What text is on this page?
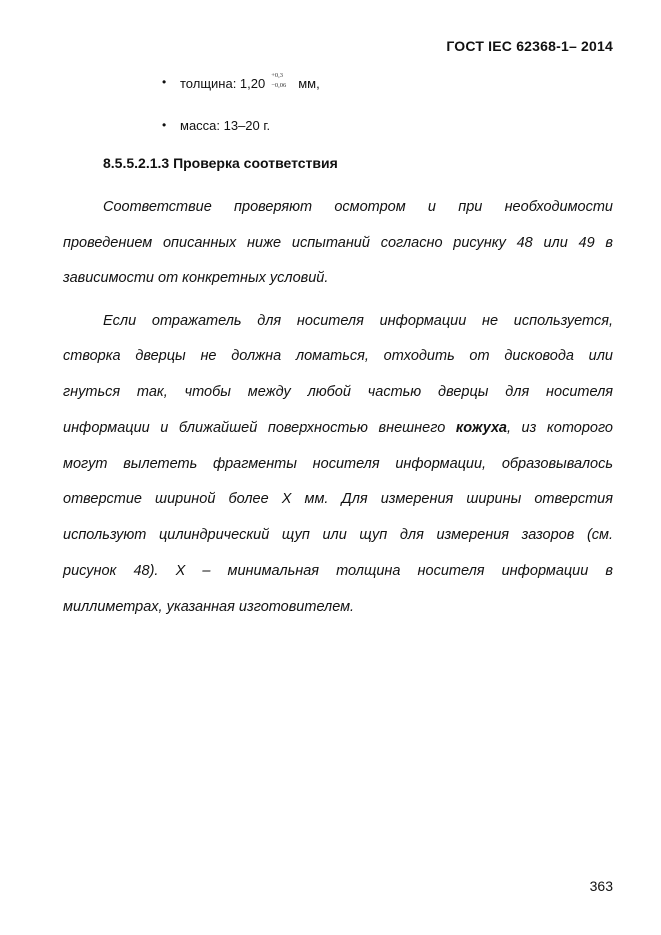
ГОСТ IEC 62368-1– 2014
• толщина: 1,20
+0,3
−0,06 мм,
• масса: 13–20 г.
8.5.5.2.1.3 Проверка соответствия
Соответствие проверяют осмотром и при необходимости
проведением описанных ниже испытаний согласно рисунку 48 или 49 в
зависимости от конкретных условий.
Если отражатель для носителя информации не используется,
створка дверцы не должна ломаться, отходить от дисковода или
гнуться так, чтобы между любой частью дверцы для носителя
информации и ближайшей поверхностью внешнего кожуха, из которого
могут вылететь фрагменты носителя информации, образовывалось
отверстие шириной более X мм. Для измерения ширины отверстия
используют цилиндрический щуп или щуп для измерения зазоров (см.
рисунок 48). X – минимальная толщина носителя информации в
миллиметрах, указанная изготовителем.
363
